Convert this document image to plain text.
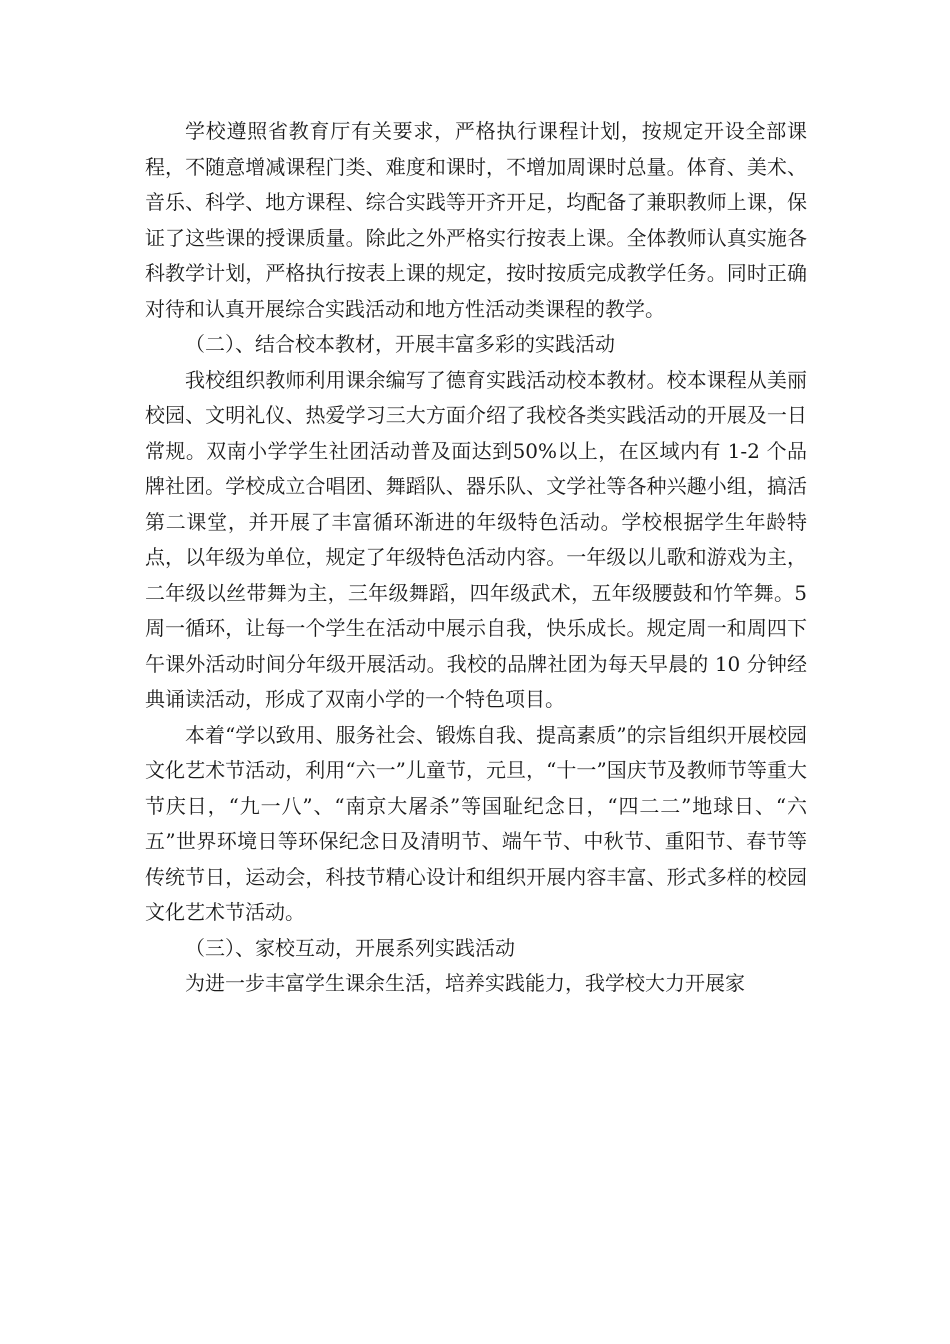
学校遵照省教育厅有关要求，严格执行课程计划，按规定开设全部课程，不随意增减课程门类、难度和课时，不增加周课时总量。体育、美术、音乐、科学、地方课程、综合实践等开齐开足，均配备了兼职教师上课，保证了这些课的授课质量。除此之外严格实行按表上课。全体教师认真实施各科教学计划，严格执行按表上课的规定，按时按质完成教学任务。同时正确对待和认真开展综合实践活动和地方性活动类课程的教学。

（二）、结合校本教材，开展丰富多彩的实践活动

我校组织教师利用课余编写了德育实践活动校本教材。校本课程从美丽校园、文明礼仪、热爱学习三大方面介绍了我校各类实践活动的开展及一日常规。双南小学学生社团活动普及面达到50%以上，在区域内有 1-2 个品牌社团。学校成立合唱团、舞蹈队、器乐队、文学社等各种兴趣小组，搞活第二课堂，并开展了丰富循环渐进的年级特色活动。学校根据学生年龄特点，以年级为单位，规定了年级特色活动内容。一年级以儿歌和游戏为主，二年级以丝带舞为主，三年级舞蹈，四年级武术，五年级腰鼓和竹竿舞。5 周一循环，让每一个学生在活动中展示自我，快乐成长。规定周一和周四下午课外活动时间分年级开展活动。我校的品牌社团为每天早晨的 10 分钟经典诵读活动，形成了双南小学的一个特色项目。

本着“学以致用、服务社会、锻炼自我、提高素质”的宗旨组织开展校园文化艺术节活动，利用“六一”儿童节，元旦，“十一”国庆节及教师节等重大节庆日，“九一八”、“南京大屠杀”等国耻纪念日，“四二二”地球日、“六五”世界环境日等环保纪念日及清明节、端午节、中秋节、重阳节、春节等传统节日，运动会，科技节精心设计和组织开展内容丰富、形式多样的校园文化艺术节活动。

（三）、家校互动，开展系列实践活动

为进一步丰富学生课余生活，培养实践能力，我学校大力开展家
